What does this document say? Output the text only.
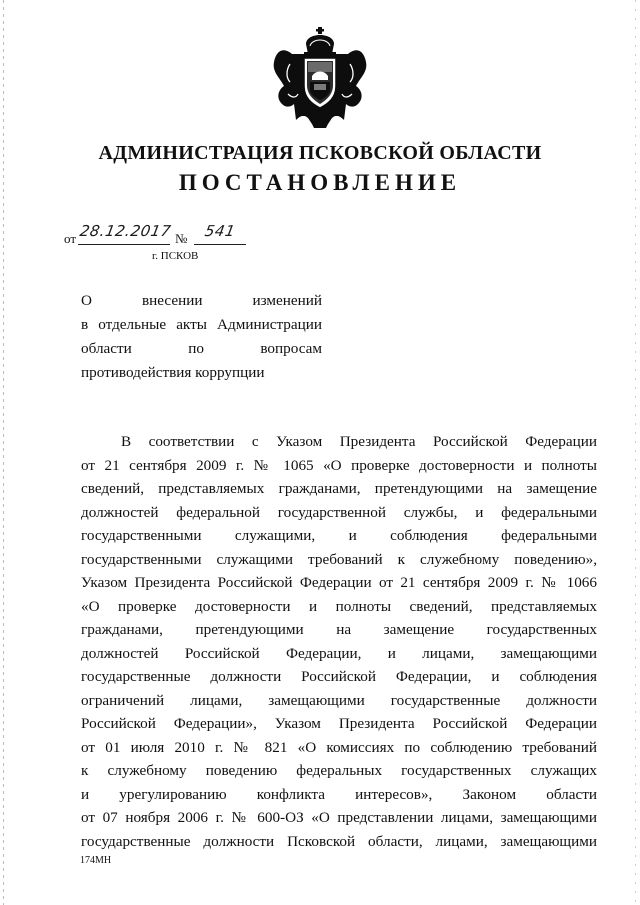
АДМИНИСТРАЦИЯ ПСКОВСКОЙ ОБЛАСТИ
ПОСТАНОВЛЕНИЕ
от 28.12.2017 № 541
г. ПСКОВ
О внесении изменений
в отдельные акты Администрации
области по вопросам
противодействия коррупции
В соответствии с Указом Президента Российской Федерации
от 21 сентября 2009 г. № 1065 «О проверке достоверности и полноты
сведений, представляемых гражданами, претендующими на замещение
должностей федеральной государственной службы, и федеральными
государственными служащими, и соблюдения федеральными
государственными служащими требований к служебному поведению»,
Указом Президента Российской Федерации от 21 сентября 2009 г. № 1066
«О проверке достоверности и полноты сведений, представляемых
гражданами, претендующими на замещение государственных
должностей Российской Федерации, и лицами, замещающими
государственные должности Российской Федерации, и соблюдения
ограничений лицами, замещающими государственные должности
Российской Федерации», Указом Президента Российской Федерации
от 01 июля 2010 г. № 821 «О комиссиях по соблюдению требований
к служебному поведению федеральных государственных служащих
и урегулированию конфликта интересов», Законом области
от 07 ноября 2006 г. № 600-ОЗ «О представлении лицами, замещающими
государственные должности Псковской области, лицами, замещающими
174МН
